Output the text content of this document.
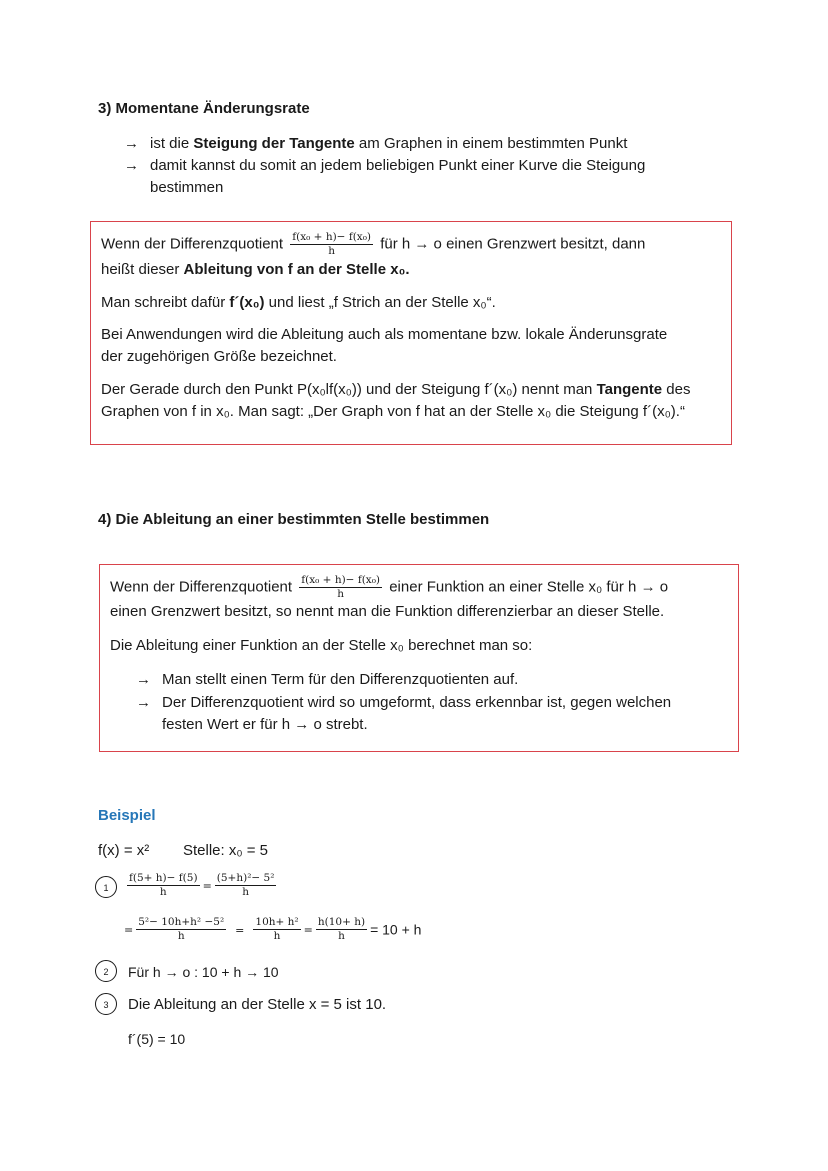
3) Momentane Änderungsrate
→ ist die Steigung der Tangente am Graphen in einem bestimmten Punkt
→ damit kannst du somit an jedem beliebigen Punkt einer Kurve die Steigung
bestimmen
Wenn der Differenzquotient $\frac{\text{f(x₀ + h)− f(x₀)}}{h}$ für h → o einen Grenzwert besitzt, dann
heißt dieser Ableitung von f an der Stelle x₀.
Man schreibt dafür f´(x₀) und liest „f Strich an der Stelle x₀“.
Bei Anwendungen wird die Ableitung auch als momentane bzw. lokale Änderunsgrate
der zugehörigen Größe bezeichnet.
Der Gerade durch den Punkt P(x₀lf(x₀)) und der Steigung f´(x₀) nennt man Tangente des
Graphen von f in x₀. Man sagt: „Der Graph von f hat an der Stelle x₀ die Steigung f´(x₀).“
4) Die Ableitung an einer bestimmten Stelle bestimmen
Wenn der Differenzquotient $\frac{\text{f(x₀ + h)− f(x₀)}}{h}$ einer Funktion an einer Stelle x₀ für h → o
einen Grenzwert besitzt, so nennt man die Funktion differenzierbar an dieser Stelle.
Die Ableitung einer Funktion an der Stelle x₀ berechnet man so:
→ Man stellt einen Term für den Differenzquotienten auf.
→ Der Differenzquotient wird so umgeformt, dass erkennbar ist, gegen welchen
festen Wert er für h → o strebt.
Beispiel
f(x) = x² Stelle: x₀ = 5
1	$\frac{f(5+ h)- f(5)}{h} = \frac{\text{(5+h)²− 5²}}{h}$
= $\frac{\text{5²− 10h+h² −5²}}{h} = \frac{\text{10h+ h²}}{h} = \frac{h(10+ h)}{h} = 10 + h$
2	Für h → o : 10 + h → 10
3	Die Ableitung an der Stelle x = 5 ist 10.
f´(5) = 10
